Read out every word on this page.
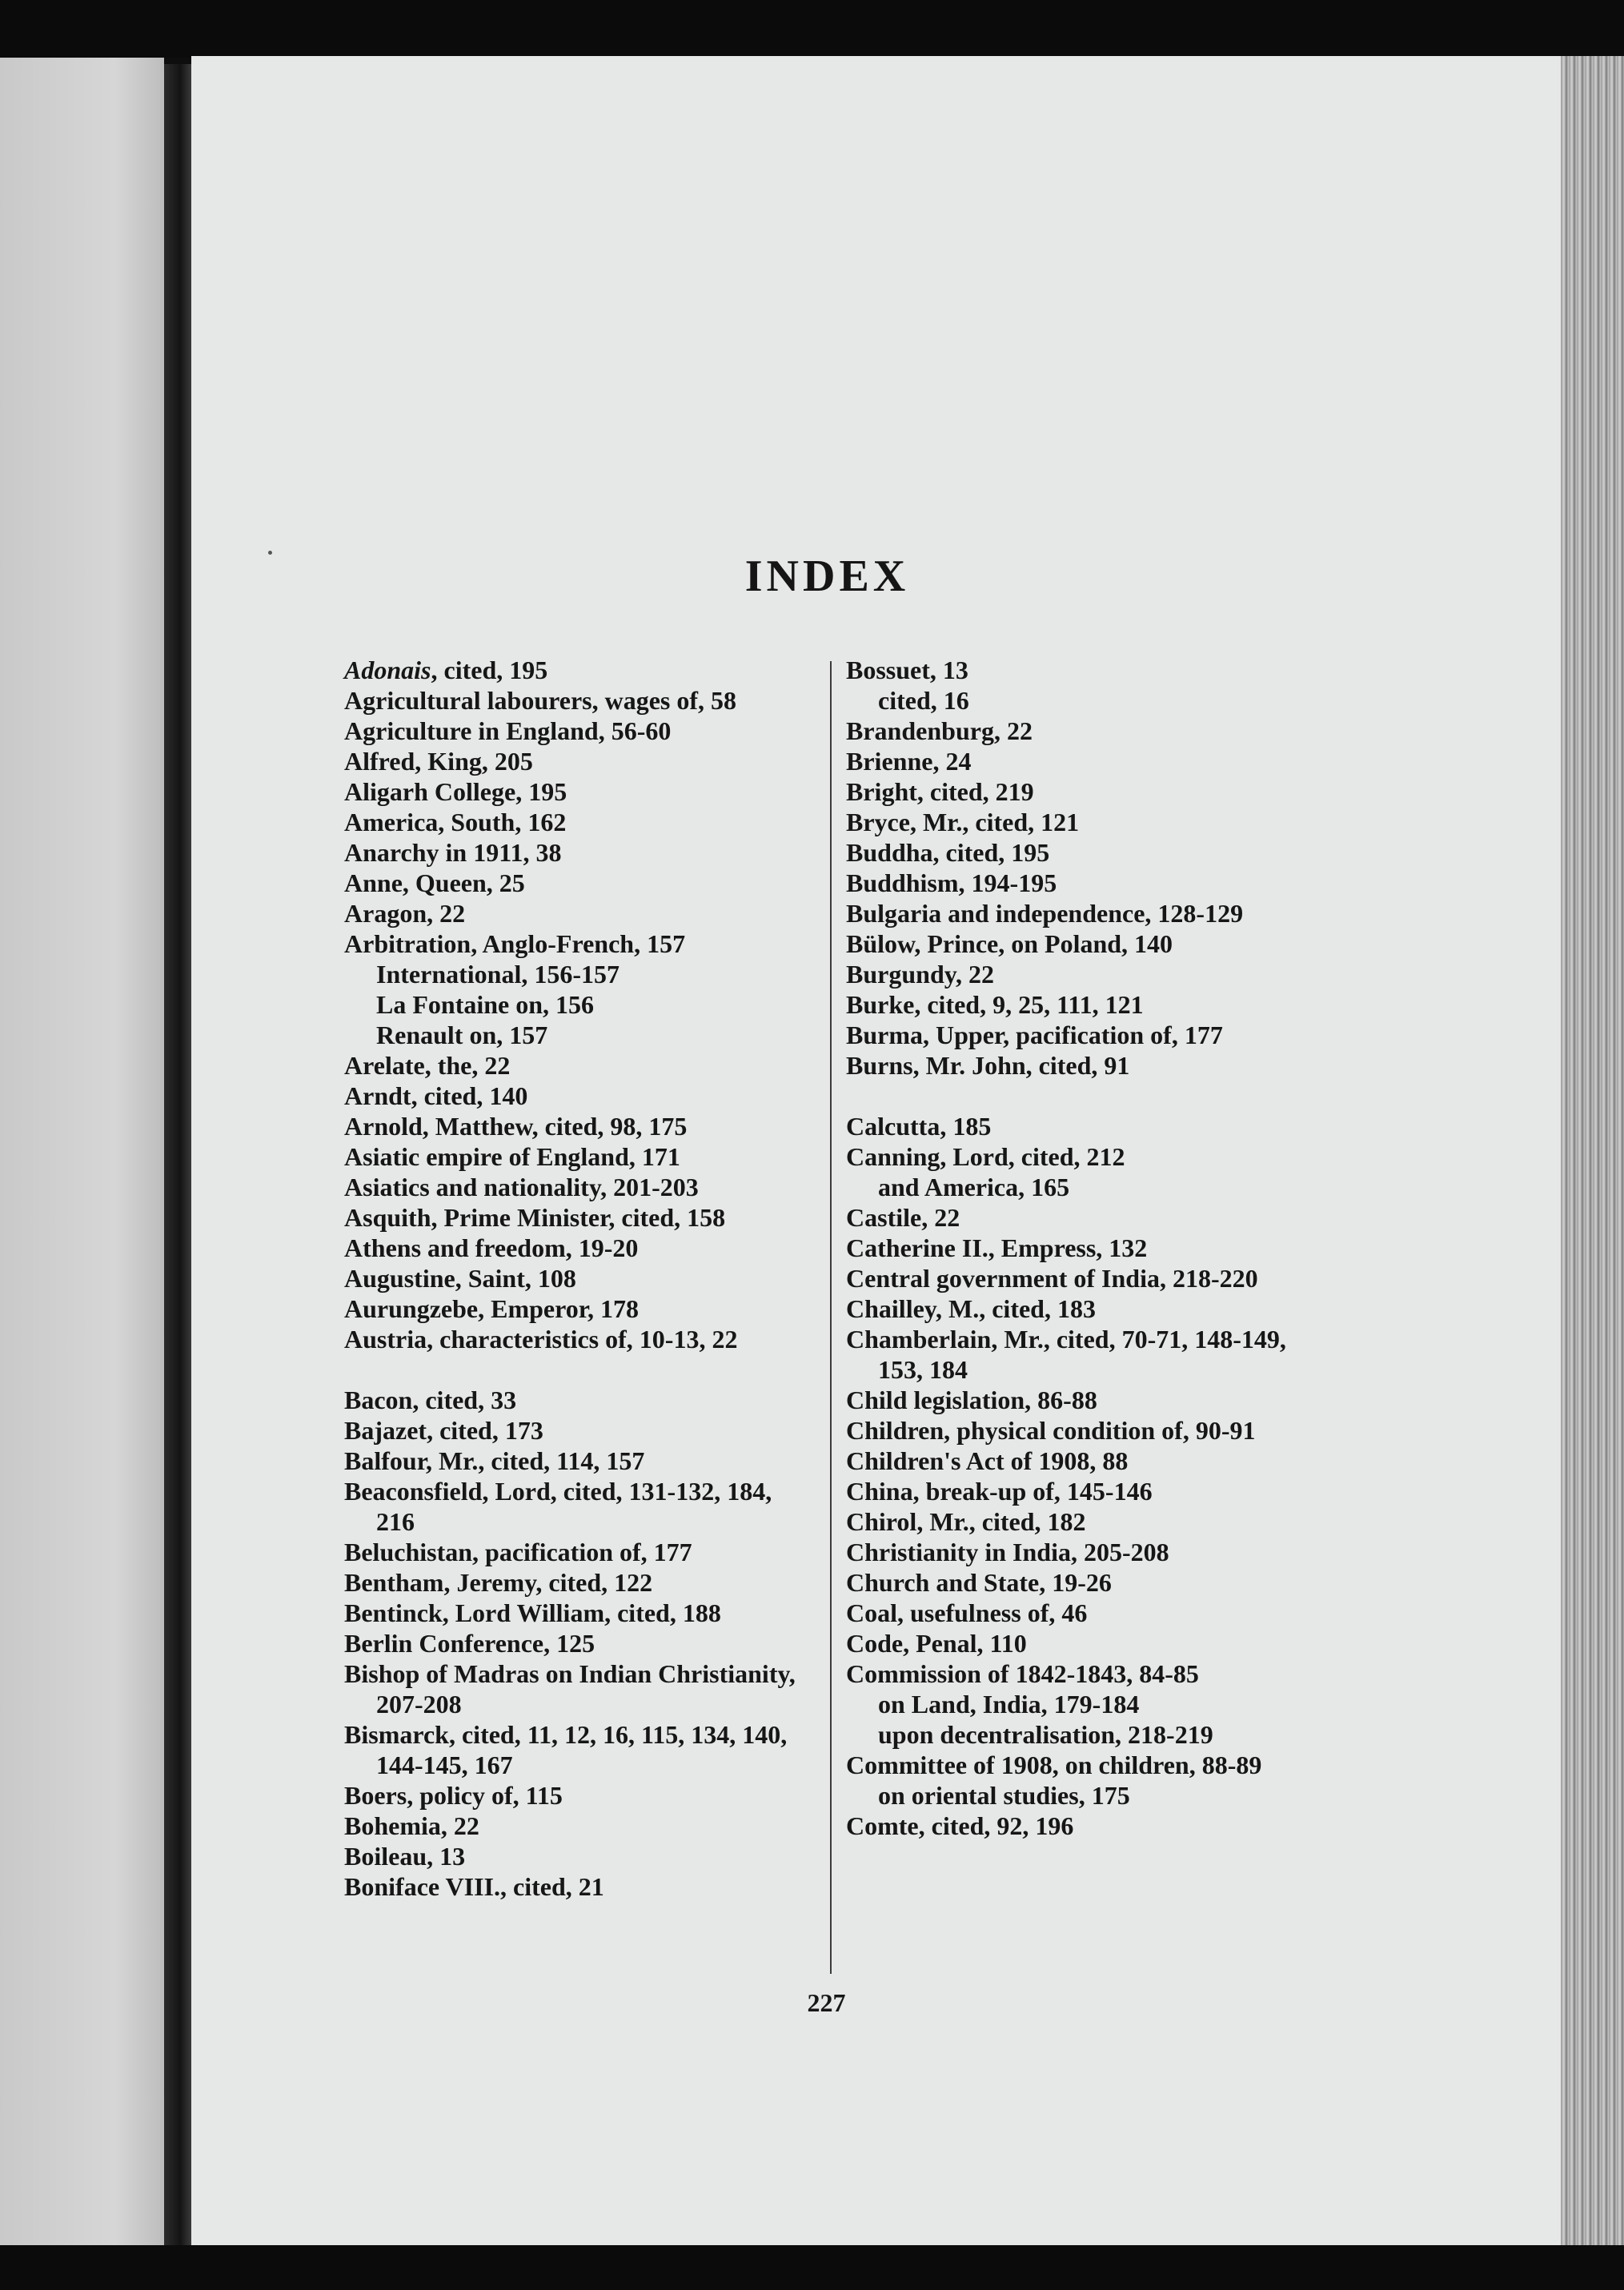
INDEX

Adonais, cited, 195

Agricultural labourers, wages of, 58

Agriculture in England, 56-60

Alfred, King, 205

Aligarh College, 195

America, South, 162

Anarchy in 1911, 38

Anne, Queen, 25

Aragon, 22

Arbitration, Anglo-French, 157

International, 156-157

La Fontaine on, 156

Renault on, 157

Arelate, the, 22

Arndt, cited, 140

Arnold, Matthew, cited, 98, 175

Asiatic empire of England, 171

Asiatics and nationality, 201-203

Asquith, Prime Minister, cited, 158

Athens and freedom, 19-20

Augustine, Saint, 108

Aurungzebe, Emperor, 178

Austria, characteristics of, 10-13, 22

Bacon, cited, 33

Bajazet, cited, 173

Balfour, Mr., cited, 114, 157

Beaconsfield, Lord, cited, 131-132, 184, 216

Beluchistan, pacification of, 177

Bentham, Jeremy, cited, 122

Bentinck, Lord William, cited, 188

Berlin Conference, 125

Bishop of Madras on Indian Christianity, 207-208

Bismarck, cited, 11, 12, 16, 115, 134, 140, 144-145, 167

Boers, policy of, 115

Bohemia, 22

Boileau, 13

Boniface VIII., cited, 21

Bossuet, 13

cited, 16

Brandenburg, 22

Brienne, 24

Bright, cited, 219

Bryce, Mr., cited, 121

Buddha, cited, 195

Buddhism, 194-195

Bulgaria and independence, 128-129

Bülow, Prince, on Poland, 140

Burgundy, 22

Burke, cited, 9, 25, 111, 121

Burma, Upper, pacification of, 177

Burns, Mr. John, cited, 91

Calcutta, 185

Canning, Lord, cited, 212

and America, 165

Castile, 22

Catherine II., Empress, 132

Central government of India, 218-220

Chailley, M., cited, 183

Chamberlain, Mr., cited, 70-71, 148-149, 153, 184

Child legislation, 86-88

Children, physical condition of, 90-91

Children's Act of 1908, 88

China, break-up of, 145-146

Chirol, Mr., cited, 182

Christianity in India, 205-208

Church and State, 19-26

Coal, usefulness of, 46

Code, Penal, 110

Commission of 1842-1843, 84-85

on Land, India, 179-184

upon decentralisation, 218-219

Committee of 1908, on children, 88-89

on oriental studies, 175

Comte, cited, 92, 196

227
